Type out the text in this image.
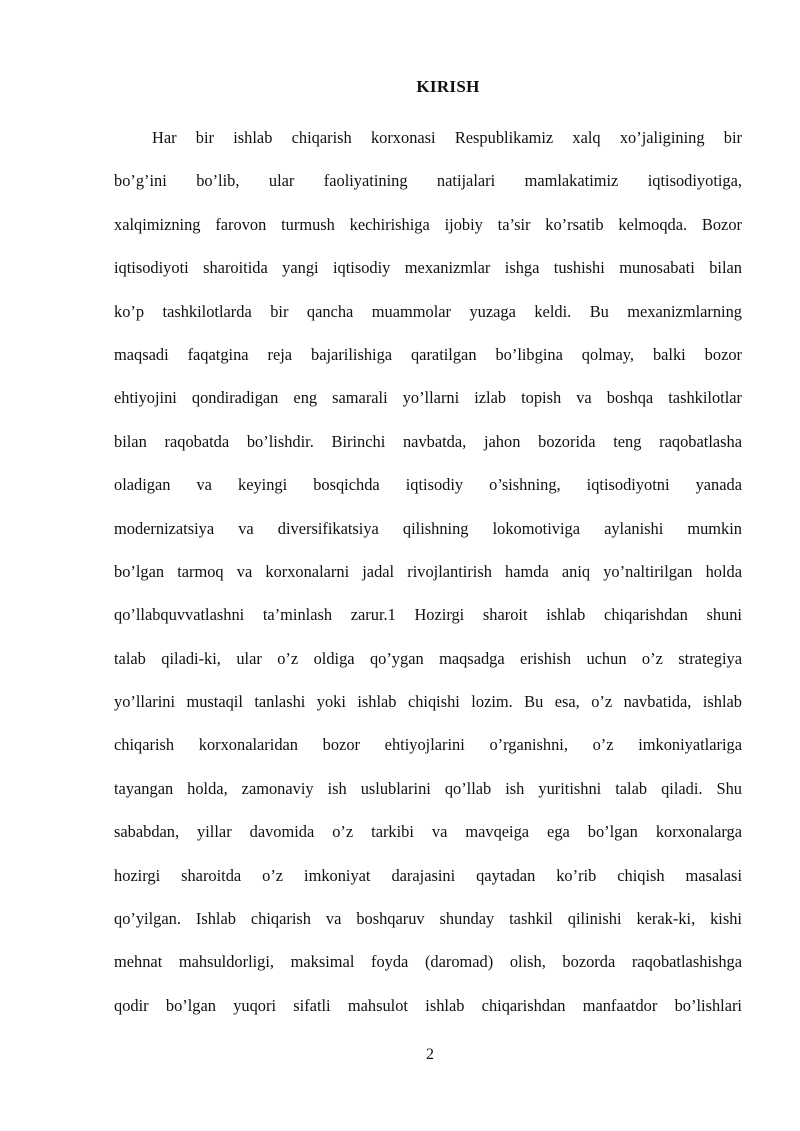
KIRISH
Har bir ishlab chiqarish korxonasi Respublikamiz xalq xo’jaligining bir
bo’g’ini bo’lib, ular faoliyatining natijalari mamlakatimiz iqtisodiyotiga,
xalqimizning farovon turmush kechirishiga ijobiy ta’sir ko’rsatib kelmoqda. Bozor
iqtisodiyoti sharoitida yangi iqtisodiy mexanizmlar ishga tushishi munosabati bilan
ko’p tashkilotlarda bir qancha muammolar yuzaga keldi. Bu mexanizmlarning
maqsadi faqatgina reja bajarilishiga qaratilgan bo’libgina qolmay, balki bozor
ehtiyojini qondiradigan eng samarali yo’llarni izlab topish va boshqa tashkilotlar
bilan raqobatda bo’lishdir. Birinchi navbatda, jahon bozorida teng raqobatlasha
oladigan va keyingi bosqichda iqtisodiy o’sishning, iqtisodiyotni yanada
modernizatsiya va diversifikatsiya qilishning lokomotiviga aylanishi mumkin
bo’lgan tarmoq va korxonalarni jadal rivojlantirish hamda aniq yo’naltirilgan holda
qo’llabquvvatlashni ta’minlash zarur.1 Hozirgi sharoit ishlab chiqarishdan shuni
talab qiladi-ki, ular o’z oldiga qo’ygan maqsadga erishish uchun o’z strategiya
yo’llarini mustaqil tanlashi yoki ishlab chiqishi lozim. Bu esa, o’z navbatida, ishlab
chiqarish korxonalaridan bozor ehtiyojlarini o’rganishni, o’z imkoniyatlariga
tayangan holda, zamonaviy ish uslublarini qo’llab ish yuritishni talab qiladi. Shu
sababdan, yillar davomida o’z tarkibi va mavqeiga ega bo’lgan korxonalarga
hozirgi sharoitda o’z imkoniyat darajasini qaytadan ko’rib chiqish masalasi
qo’yilgan. Ishlab chiqarish va boshqaruv shunday tashkil qilinishi kerak-ki, kishi
mehnat mahsuldorligi, maksimal foyda (daromad) olish, bozorda raqobatlashishga
qodir bo’lgan yuqori sifatli mahsulot ishlab chiqarishdan manfaatdor bo’lishlari
2
